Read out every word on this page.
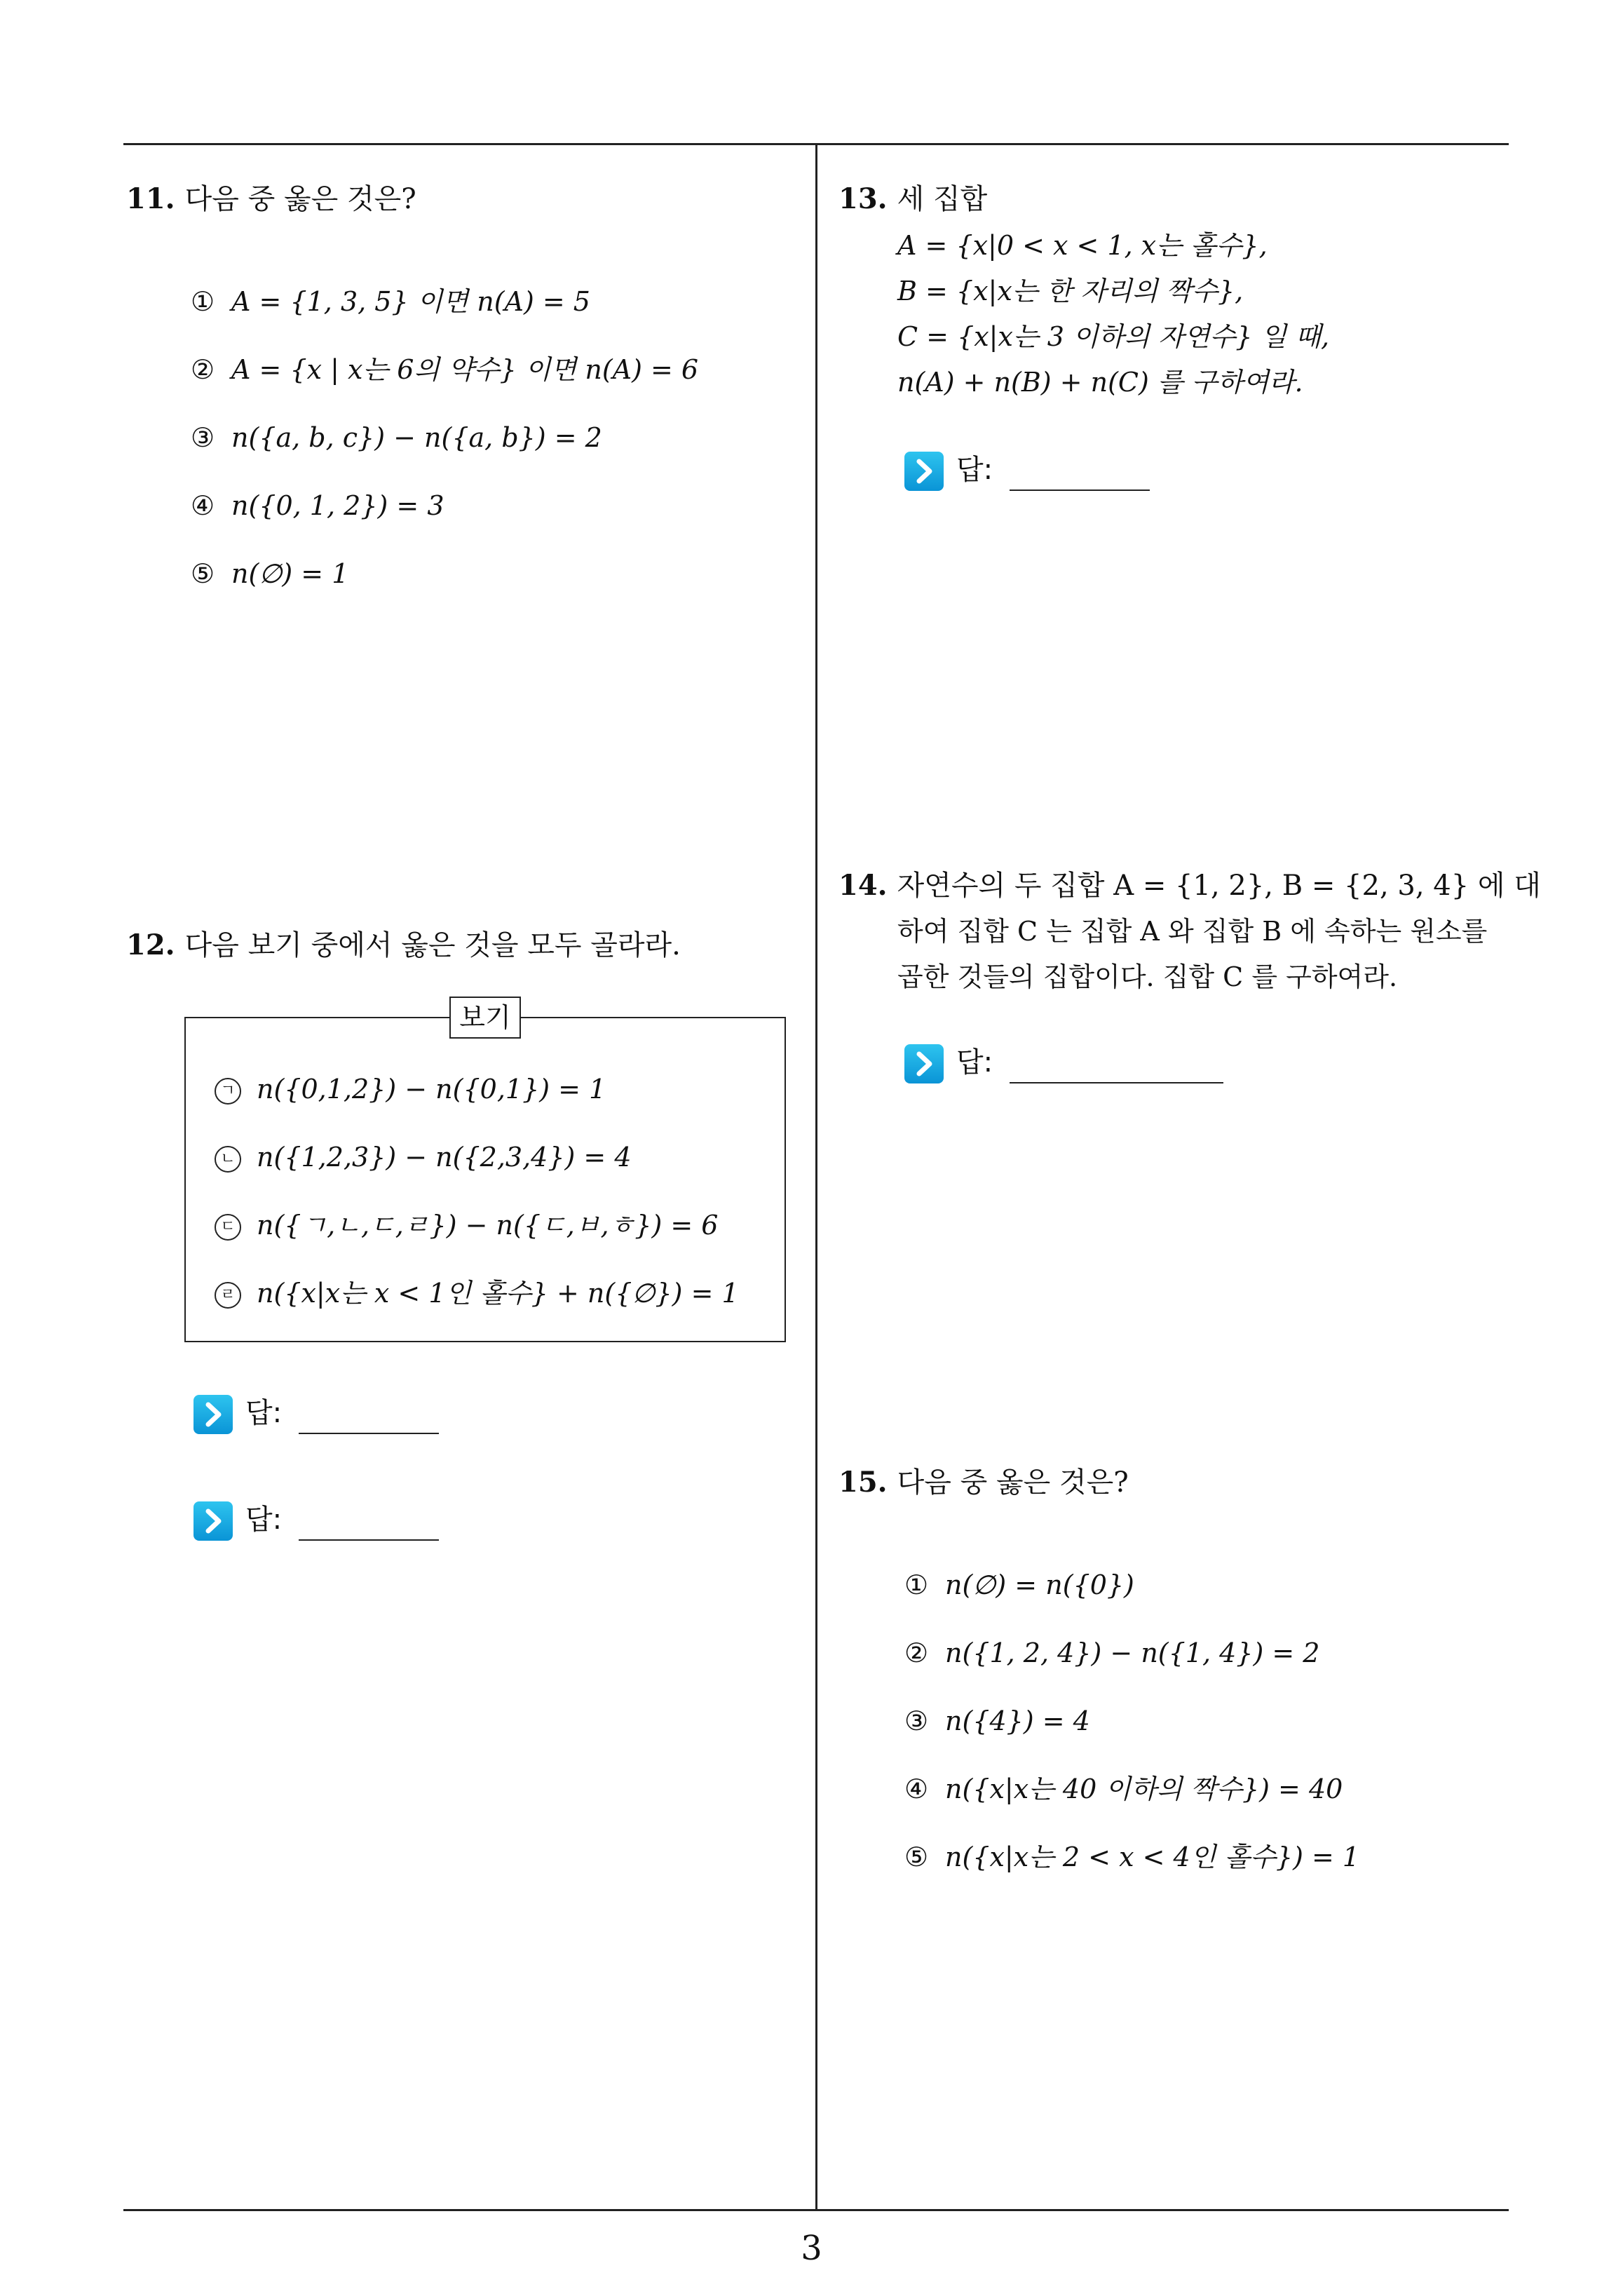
11. 다음 중 옳은 것은?
① A = {1, 3, 5} 이면 n(A) = 5
② A = {x | x는 6의 약수} 이면 n(A) = 6
③ n({a, b, c}) − n({a, b}) = 2
④ n({0, 1, 2}) = 3
⑤ n(∅) = 1
12. 다음 보기 중에서 옳은 것을 모두 골라라.
보기
ㄱ n({0,1,2}) − n({0,1}) = 1
ㄴ n({1,2,3}) − n({2,3,4}) = 4
ㄷ n({ㄱ,ㄴ,ㄷ,ㄹ}) − n({ㄷ,ㅂ,ㅎ}) = 6
ㄹ n({x|x는 x < 1인 홀수} + n({∅}) = 1
답:
답:
13. 세 집합
A = {x|0 < x < 1, x는 홀수},
B = {x|x는 한 자리의 짝수},
C = {x|x는 3 이하의 자연수} 일 때,
n(A) + n(B) + n(C) 를 구하여라.
답:
14. 자연수의 두 집합 A = {1, 2}, B = {2, 3, 4} 에 대
하여 집합 C 는 집합 A 와 집합 B 에 속하는 원소를
곱한 것들의 집합이다. 집합 C 를 구하여라.
답:
15. 다음 중 옳은 것은?
① n(∅) = n({0})
② n({1, 2, 4}) − n({1, 4}) = 2
③ n({4}) = 4
④ n({x|x는 40 이하의 짝수}) = 40
⑤ n({x|x는 2 < x < 4인 홀수}) = 1
3
